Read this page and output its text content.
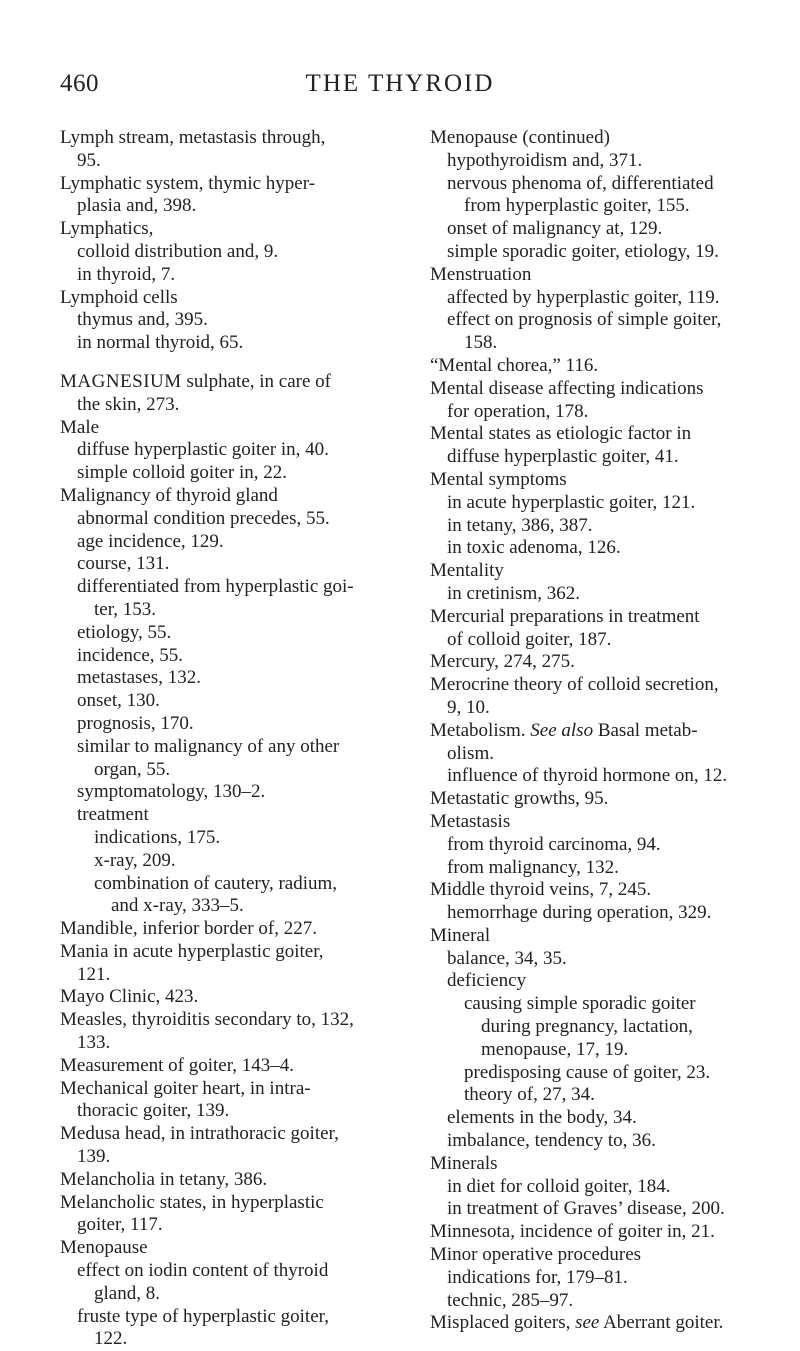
460	THE THYROID
Lymph stream, metastasis through,
95.
Lymphatic system, thymic hyper-
plasia and, 398.
Lymphatics,
colloid distribution and, 9.
in thyroid, 7.
Lymphoid cells
thymus and, 395.
in normal thyroid, 65.
MAGNESIUM sulphate, in care of
the skin, 273.
Male
diffuse hyperplastic goiter in, 40.
simple colloid goiter in, 22.
Malignancy of thyroid gland
abnormal condition precedes, 55.
age incidence, 129.
course, 131.
differentiated from hyperplastic goi-
ter, 153.
etiology, 55.
incidence, 55.
metastases, 132.
onset, 130.
prognosis, 170.
similar to malignancy of any other
organ, 55.
symptomatology, 130–2.
treatment
indications, 175.
x-ray, 209.
combination of cautery, radium,
and x-ray, 333–5.
Mandible, inferior border of, 227.
Mania in acute hyperplastic goiter,
121.
Mayo Clinic, 423.
Measles, thyroiditis secondary to, 132,
133.
Measurement of goiter, 143–4.
Mechanical goiter heart, in intra-
thoracic goiter, 139.
Medusa head, in intrathoracic goiter,
139.
Melancholia in tetany, 386.
Melancholic states, in hyperplastic
goiter, 117.
Menopause
effect on iodin content of thyroid
gland, 8.
fruste type of hyperplastic goiter,
122.
Menopause (continued)
hypothyroidism and, 371.
nervous phenoma of, differentiated
from hyperplastic goiter, 155.
onset of malignancy at, 129.
simple sporadic goiter, etiology, 19.
Menstruation
affected by hyperplastic goiter, 119.
effect on prognosis of simple goiter,
158.
“Mental chorea,” 116.
Mental disease affecting indications
for operation, 178.
Mental states as etiologic factor in
diffuse hyperplastic goiter, 41.
Mental symptoms
in acute hyperplastic goiter, 121.
in tetany, 386, 387.
in toxic adenoma, 126.
Mentality
in cretinism, 362.
Mercurial preparations in treatment
of colloid goiter, 187.
Mercury, 274, 275.
Merocrine theory of colloid secretion,
9, 10.
Metabolism. See also Basal metab-
olism.
influence of thyroid hormone on, 12.
Metastatic growths, 95.
Metastasis
from thyroid carcinoma, 94.
from malignancy, 132.
Middle thyroid veins, 7, 245.
hemorrhage during operation, 329.
Mineral
balance, 34, 35.
deficiency
causing simple sporadic goiter
during pregnancy, lactation,
menopause, 17, 19.
predisposing cause of goiter, 23.
theory of, 27, 34.
elements in the body, 34.
imbalance, tendency to, 36.
Minerals
in diet for colloid goiter, 184.
in treatment of Graves’ disease, 200.
Minnesota, incidence of goiter in, 21.
Minor operative procedures
indications for, 179–81.
technic, 285–97.
Misplaced goiters, see Aberrant goiter.
